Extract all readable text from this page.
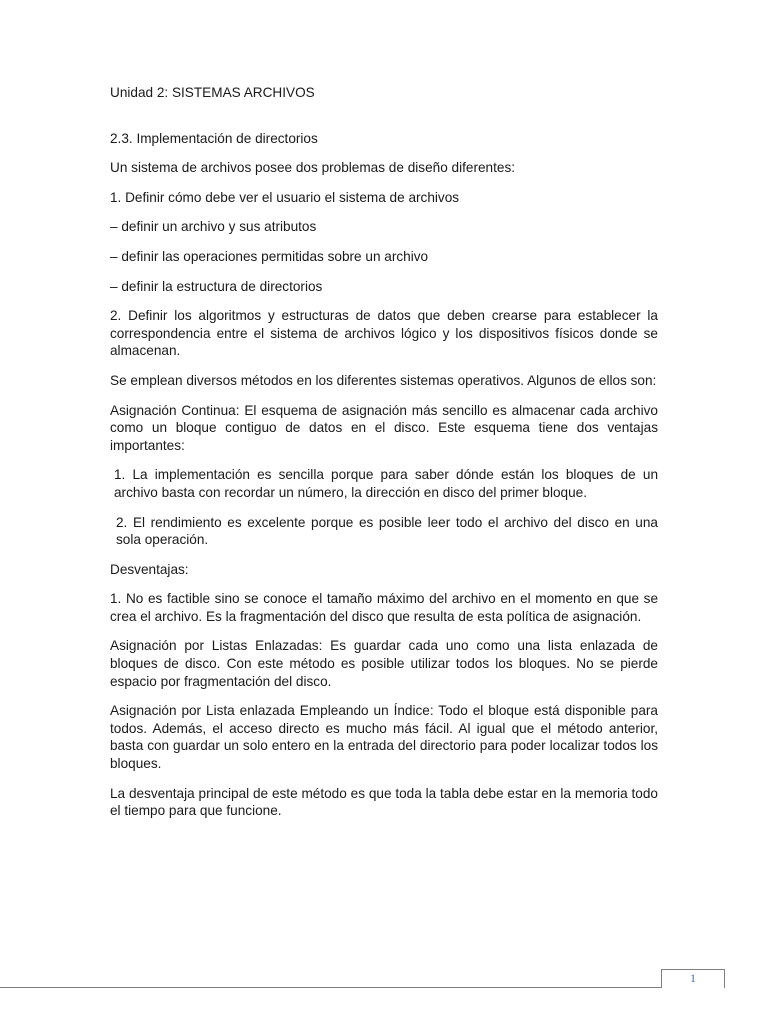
Unidad 2: SISTEMAS ARCHIVOS

2.3. Implementación de directorios

Un sistema de archivos posee dos problemas de diseño diferentes:

1. Definir cómo debe ver el usuario el sistema de archivos

– definir un archivo y sus atributos

– definir las operaciones permitidas sobre un archivo

– definir la estructura de directorios

2. Definir los algoritmos y estructuras de datos que deben crearse para establecer la correspondencia entre el sistema de archivos lógico y los dispositivos físicos donde se almacenan.

Se emplean diversos métodos en los diferentes sistemas operativos. Algunos de ellos son:

Asignación Continua: El esquema de asignación más sencillo es almacenar cada archivo como un bloque contiguo de datos en el disco. Este esquema tiene dos ventajas importantes:

1. La implementación es sencilla porque para saber dónde están los bloques de un archivo basta con recordar un número, la dirección en disco del primer bloque.

2. El rendimiento es excelente porque es posible leer todo el archivo del disco en una sola operación.

Desventajas:

1. No es factible sino se conoce el tamaño máximo del archivo en el momento en que se crea el archivo. Es la fragmentación del disco que resulta de esta política de asignación.

Asignación por Listas Enlazadas: Es guardar cada uno como una lista enlazada de bloques de disco. Con este método es posible utilizar todos los bloques. No se pierde espacio por fragmentación del disco.

Asignación por Lista enlazada Empleando un Índice: Todo el bloque está disponible para todos. Además, el acceso directo es mucho más fácil. Al igual que el método anterior, basta con guardar un solo entero en la entrada del directorio para poder localizar todos los bloques.

La desventaja principal de este método es que toda la tabla debe estar en la memoria todo el tiempo para que funcione.

1
